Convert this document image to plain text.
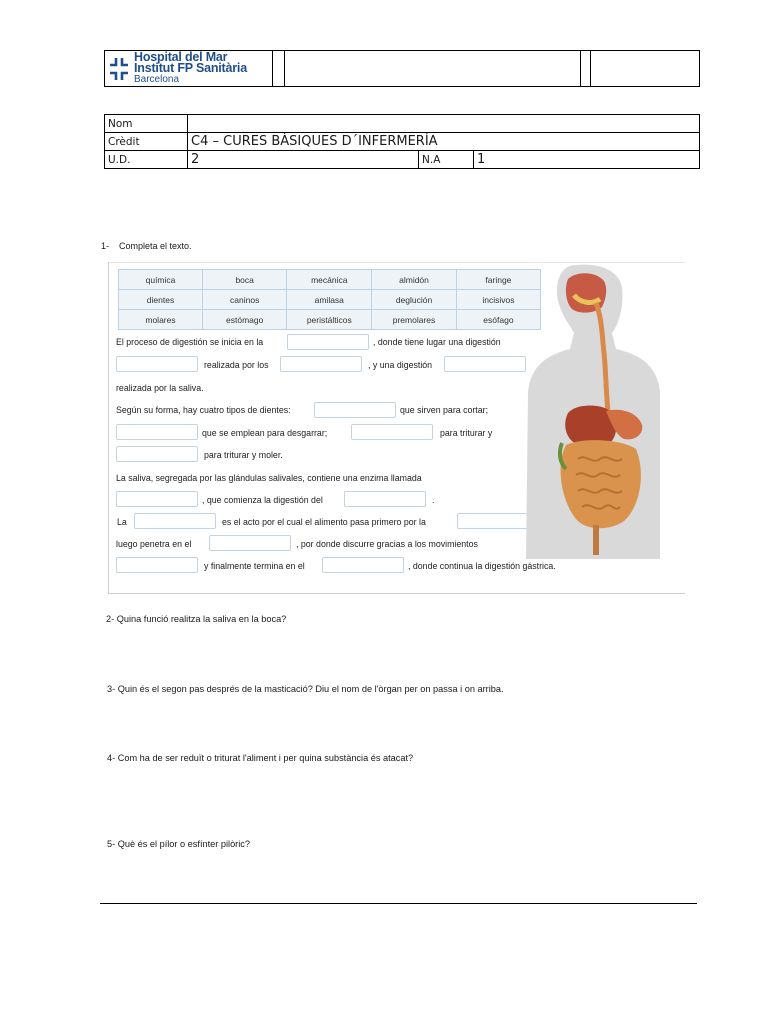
Hospital del Mar
Institut FP Sanitària
Barcelona
Nom			
Crèdit	C4 – CURES BÀSIQUES D´INFERMERÍA		
U.D.	2	N.A	1
1- Completa el texto.
química	boca	mecánica	almidón	faringe
dientes	caninos	amilasa	deglución	incisivos
molares	estómago	peristálticos	premolares	esófago
El proceso de digestión se inicia en la	, donde tiene lugar una digestión
realizada por los	, y una digestión
realizada por la saliva.
Según su forma, hay cuatro tipos de dientes:	que sirven para cortar;
que se emplean para desgarrar;	para triturar y
para triturar y moler.
La saliva, segregada por las glándulas salivales, contiene una enzima llamada
, que comienza la digestión del	.
La	es el acto por el cual el alimento pasa primero por la
luego penetra en el	, por donde discurre gracias a los movimientos
y finalmente termina en el	, donde continua la digestión gástrica.
2- Quina funció realitza la saliva en la boca?
3- Quin és el segon pas després de la masticació? Diu el nom de l'òrgan per on passa i on arriba.
4- Com ha de ser reduït o triturat l'aliment i per quina substància és atacat?
5- Què és el pílor o esfínter pilòric?
